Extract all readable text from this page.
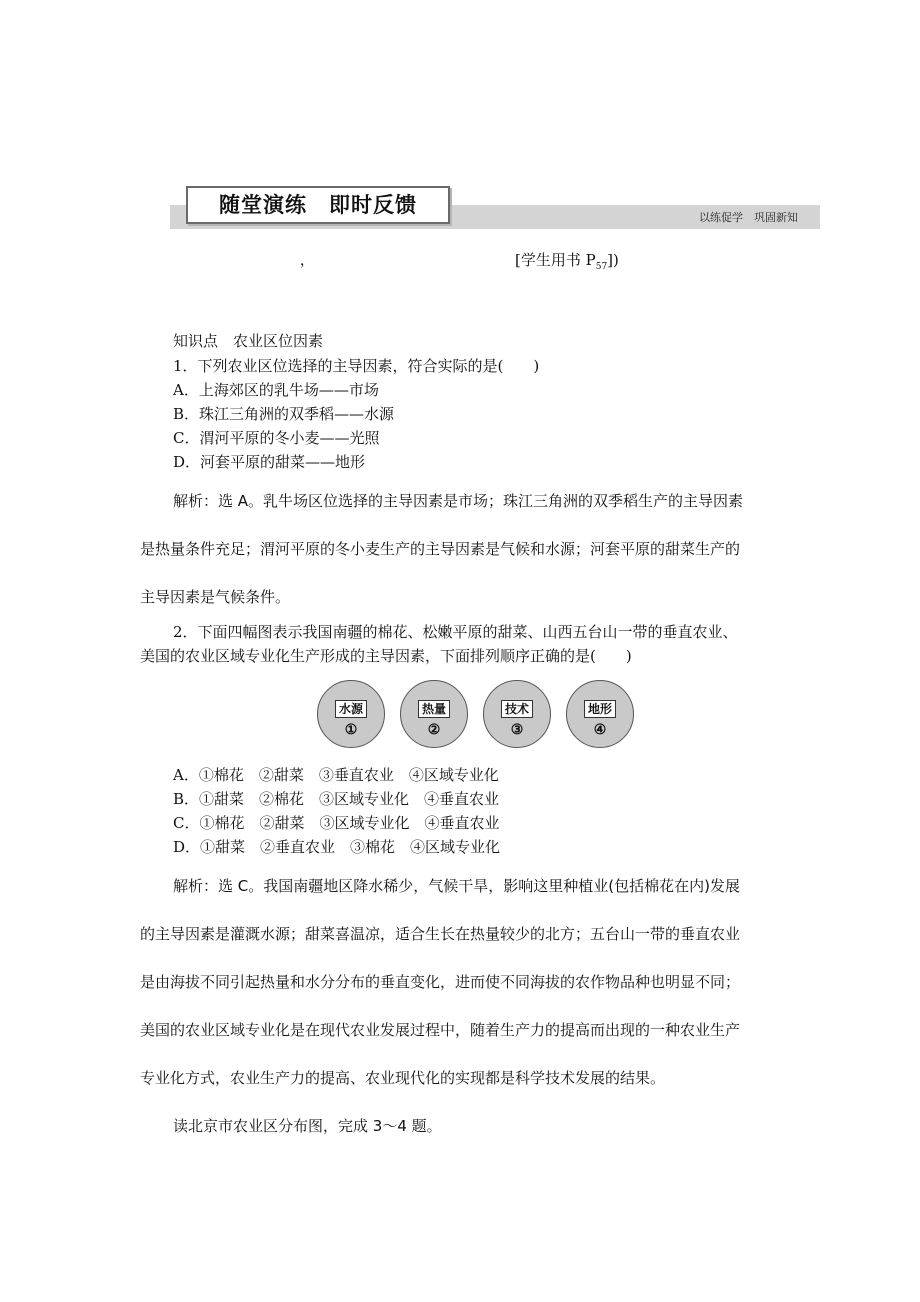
随堂演练　即时反馈
以练促学　巩固新知
，	[学生用书 $P_{57}$])
知识点　 农业区位因素
1．下列农业区位选择的主导因素，符合实际的是(　　)
A．上海郊区的乳牛场——市场
B．珠江三角洲的双季稻——水源
C．渭河平原的冬小麦——光照
D．河套平原的甜菜——地形
解析：选 A。乳牛场区位选择的主导因素是市场；珠江三角洲的双季稻生产的主导因素
是热量条件充足；渭河平原的冬小麦生产的主导因素是气候和水源；河套平原的甜菜生产的
主导因素是气候条件。
2．下面四幅图表示我国南疆的棉花、松嫩平原的甜菜、山西五台山一带的垂直农业、
美国的农业区域专业化生产形成的主导因素，下面排列顺序正确的是(　　)
水源
①
热量
②
技术
③
地形
④
A．①棉花　②甜菜　③垂直农业　④区域专业化
B．①甜菜　②棉花　③区域专业化　④垂直农业
C．①棉花　②甜菜　③区域专业化　④垂直农业
D．①甜菜　②垂直农业　③棉花　④区域专业化
解析：选 C。我国南疆地区降水稀少，气候干旱，影响这里种植业(包括棉花在内)发展
的主导因素是灌溉水源；甜菜喜温凉，适合生长在热量较少的北方；五台山一带的垂直农业
是由海拔不同引起热量和水分分布的垂直变化，进而使不同海拔的农作物品种也明显不同；
美国的农业区域专业化是在现代农业发展过程中，随着生产力的提高而出现的一种农业生产
专业化方式，农业生产力的提高、农业现代化的实现都是科学技术发展的结果。
读北京市农业区分布图，完成 3～4 题。
